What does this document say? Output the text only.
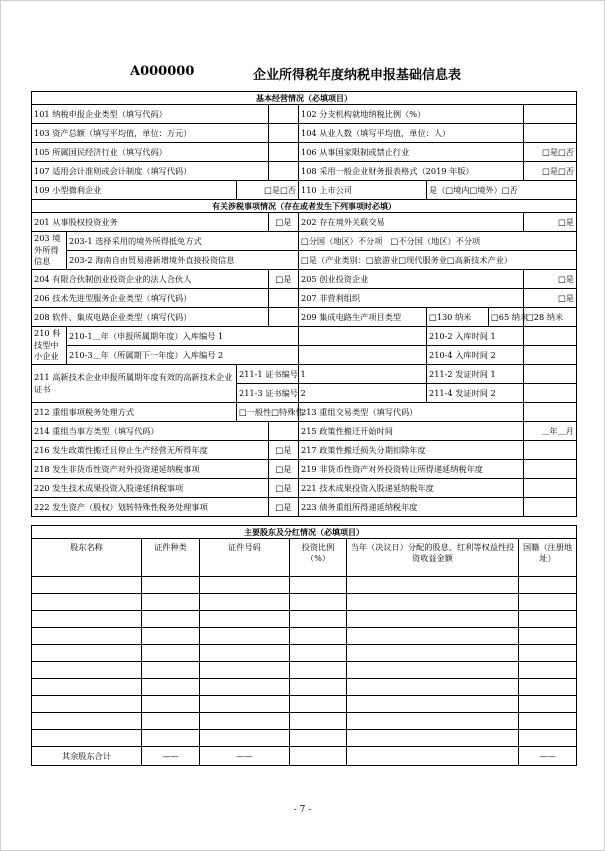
A000000	企业所得税年度纳税申报基础信息表
基本经营情况（必填项目）							
101 纳税申报企业类型（填写代码）				102 分支机构就地纳税比例（%）			
103 资产总额（填写平均值，单位：万元）				104 从业人数（填写平均值，单位：人）			
105 所属国民经济行业（填写代码）				106 从事国家限制或禁止行业			□是□否
107 适用会计准则或会计制度（填写代码）				108 采用一般企业财务报表格式（2019 年版）			□是□否
109 小型微利企业		□是□否		110 上市公司	是（□境内□境外）□否		
有关涉税事项情况（存在或者发生下列事项时必填）							
201 从事股权投资业务			□是	202 存在境外关联交易			□是
203 境外所得信息	203-1 选择采用的境外所得抵免方式			□分国（地区）不分项　□不分国（地区）不分项			
	203-2 海南自由贸易港新增境外直接投资信息			□是（产业类别：□旅游业□现代服务业□高新技术产业）			
204 有限合伙制创业投资企业的法人合伙人			□是	205 创业投资企业			□是
206 技术先进型服务企业类型（填写代码）				207 非营利组织			□是
208 软件、集成电路企业类型（填写代码）				209 集成电路生产项目类型	□130 纳米	□65 纳米	□28 纳米
210 科技型中小企业	210-1＿年（申报所属期年度）入库编号 1				210-2 入库时间 1		
	210-3＿年（所属期下一年度）入库编号 2				210-4 入库时间 2		
211 高新技术企业申报所属期年度有效的高新技术企业证书		211-1 证书编号 1			211-2 发证时间 1		
		211-3 证书编号 2			211-4 发证时间 2		
212 重组事项税务处理方式		□一般性□特殊性		213 重组交易类型（填写代码）			
214 重组当事方类型（填写代码）				215 政策性搬迁开始时间			＿年＿月
216 发生政策性搬迁且停止生产经营无所得年度			□是	217 政策性搬迁损失分期扣除年度			
218 发生非货币性资产对外投资递延纳税事项			□是	219 非货币性资产对外投资转让所得递延纳税年度			
220 发生技术成果投资入股递延纳税事项			□是	221 技术成果投资入股递延纳税年度			
222 发生资产（股权）划转特殊性税务处理事项			□是	223 债务重组所得递延纳税年度			
主要股东及分红情况（必填项目）					
股东名称	证件种类	证件号码	投资比例（%）	当年（决议日）分配的股息、红利等权益性投资收益金额	国籍（注册地址）

其余股东合计	——	——			——
- 7 -
